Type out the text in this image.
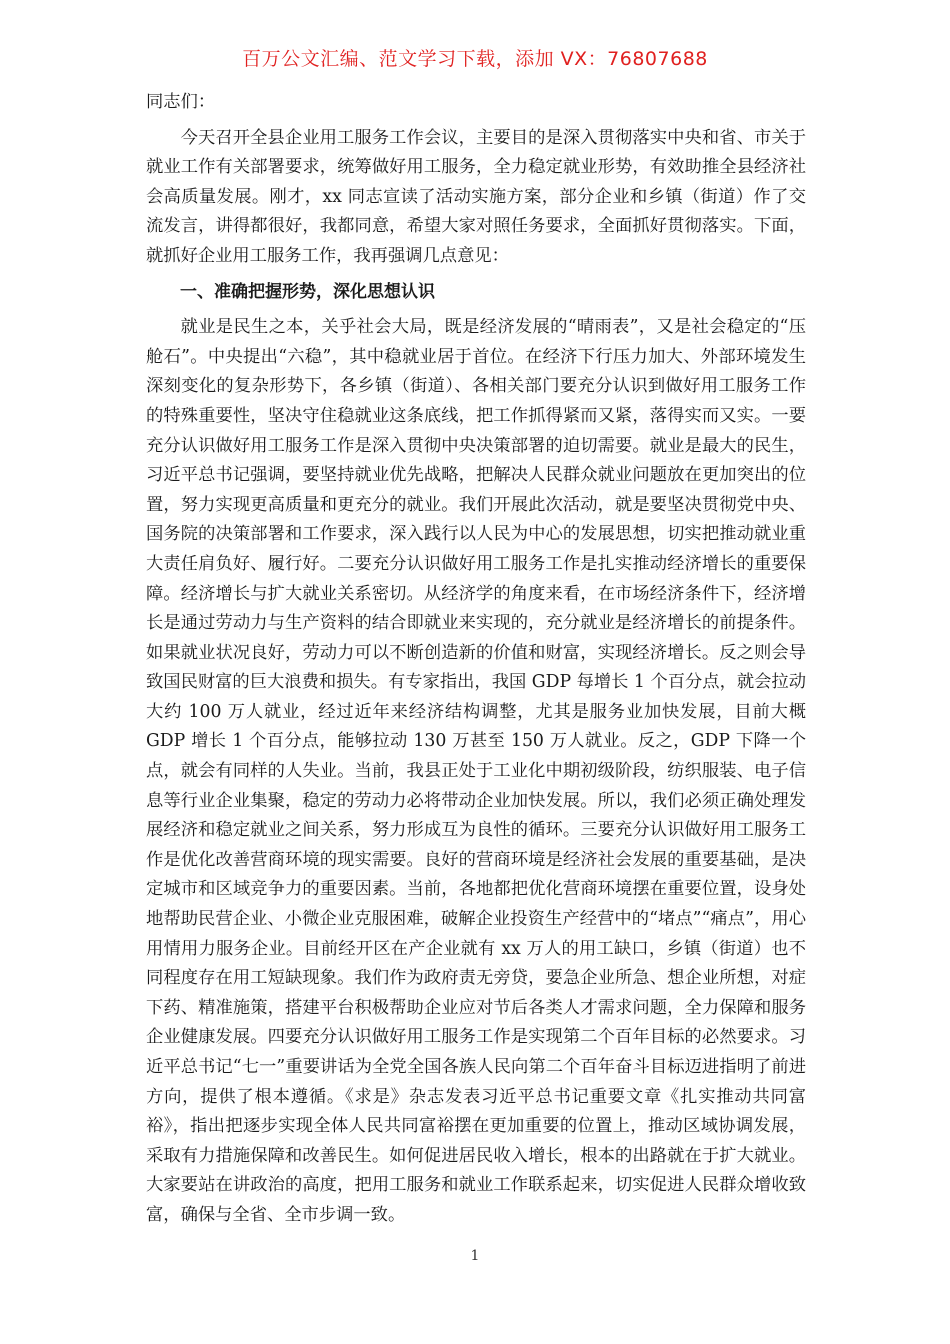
百万公文汇编、范文学习下载，添加 VX：76807688

同志们：

今天召开全县企业用工服务工作会议，主要目的是深入贯彻落实中央和省、市关于就业工作有关部署要求，统筹做好用工服务，全力稳定就业形势，有效助推全县经济社会高质量发展。刚才，xx 同志宣读了活动实施方案，部分企业和乡镇（街道）作了交流发言，讲得都很好，我都同意，希望大家对照任务要求，全面抓好贯彻落实。下面，就抓好企业用工服务工作，我再强调几点意见：

一、准确把握形势，深化思想认识

就业是民生之本，关乎社会大局，既是经济发展的“晴雨表”，又是社会稳定的“压舱石”。中央提出“六稳”，其中稳就业居于首位。在经济下行压力加大、外部环境发生深刻变化的复杂形势下，各乡镇（街道）、各相关部门要充分认识到做好用工服务工作的特殊重要性，坚决守住稳就业这条底线，把工作抓得紧而又紧，落得实而又实。一要充分认识做好用工服务工作是深入贯彻中央决策部署的迫切需要。就业是最大的民生，习近平总书记强调，要坚持就业优先战略，把解决人民群众就业问题放在更加突出的位置，努力实现更高质量和更充分的就业。我们开展此次活动，就是要坚决贯彻党中央、国务院的决策部署和工作要求，深入践行以人民为中心的发展思想，切实把推动就业重大责任肩负好、履行好。二要充分认识做好用工服务工作是扎实推动经济增长的重要保障。经济增长与扩大就业关系密切。从经济学的角度来看，在市场经济条件下，经济增长是通过劳动力与生产资料的结合即就业来实现的，充分就业是经济增长的前提条件。如果就业状况良好，劳动力可以不断创造新的价值和财富，实现经济增长。反之则会导致国民财富的巨大浪费和损失。有专家指出，我国 GDP 每增长 1 个百分点，就会拉动大约 100 万人就业，经过近年来经济结构调整，尤其是服务业加快发展，目前大概 GDP 增长 1 个百分点，能够拉动 130 万甚至 150 万人就业。反之，GDP 下降一个点，就会有同样的人失业。当前，我县正处于工业化中期初级阶段，纺织服装、电子信息等行业企业集聚，稳定的劳动力必将带动企业加快发展。所以，我们必须正确处理发展经济和稳定就业之间关系，努力形成互为良性的循环。三要充分认识做好用工服务工作是优化改善营商环境的现实需要。良好的营商环境是经济社会发展的重要基础，是决定城市和区域竞争力的重要因素。当前，各地都把优化营商环境摆在重要位置，设身处地帮助民营企业、小微企业克服困难，破解企业投资生产经营中的“堵点”“痛点”，用心用情用力服务企业。目前经开区在产企业就有 xx 万人的用工缺口，乡镇（街道）也不同程度存在用工短缺现象。我们作为政府责无旁贷，要急企业所急、想企业所想，对症下药、精准施策，搭建平台积极帮助企业应对节后各类人才需求问题，全力保障和服务企业健康发展。四要充分认识做好用工服务工作是实现第二个百年目标的必然要求。习近平总书记“七一”重要讲话为全党全国各族人民向第二个百年奋斗目标迈进指明了前进方向，提供了根本遵循。《求是》杂志发表习近平总书记重要文章《扎实推动共同富裕》，指出把逐步实现全体人民共同富裕摆在更加重要的位置上，推动区域协调发展，采取有力措施保障和改善民生。如何促进居民收入增长，根本的出路就在于扩大就业。大家要站在讲政治的高度，把用工服务和就业工作联系起来，切实促进人民群众增收致富，确保与全省、全市步调一致。

1
